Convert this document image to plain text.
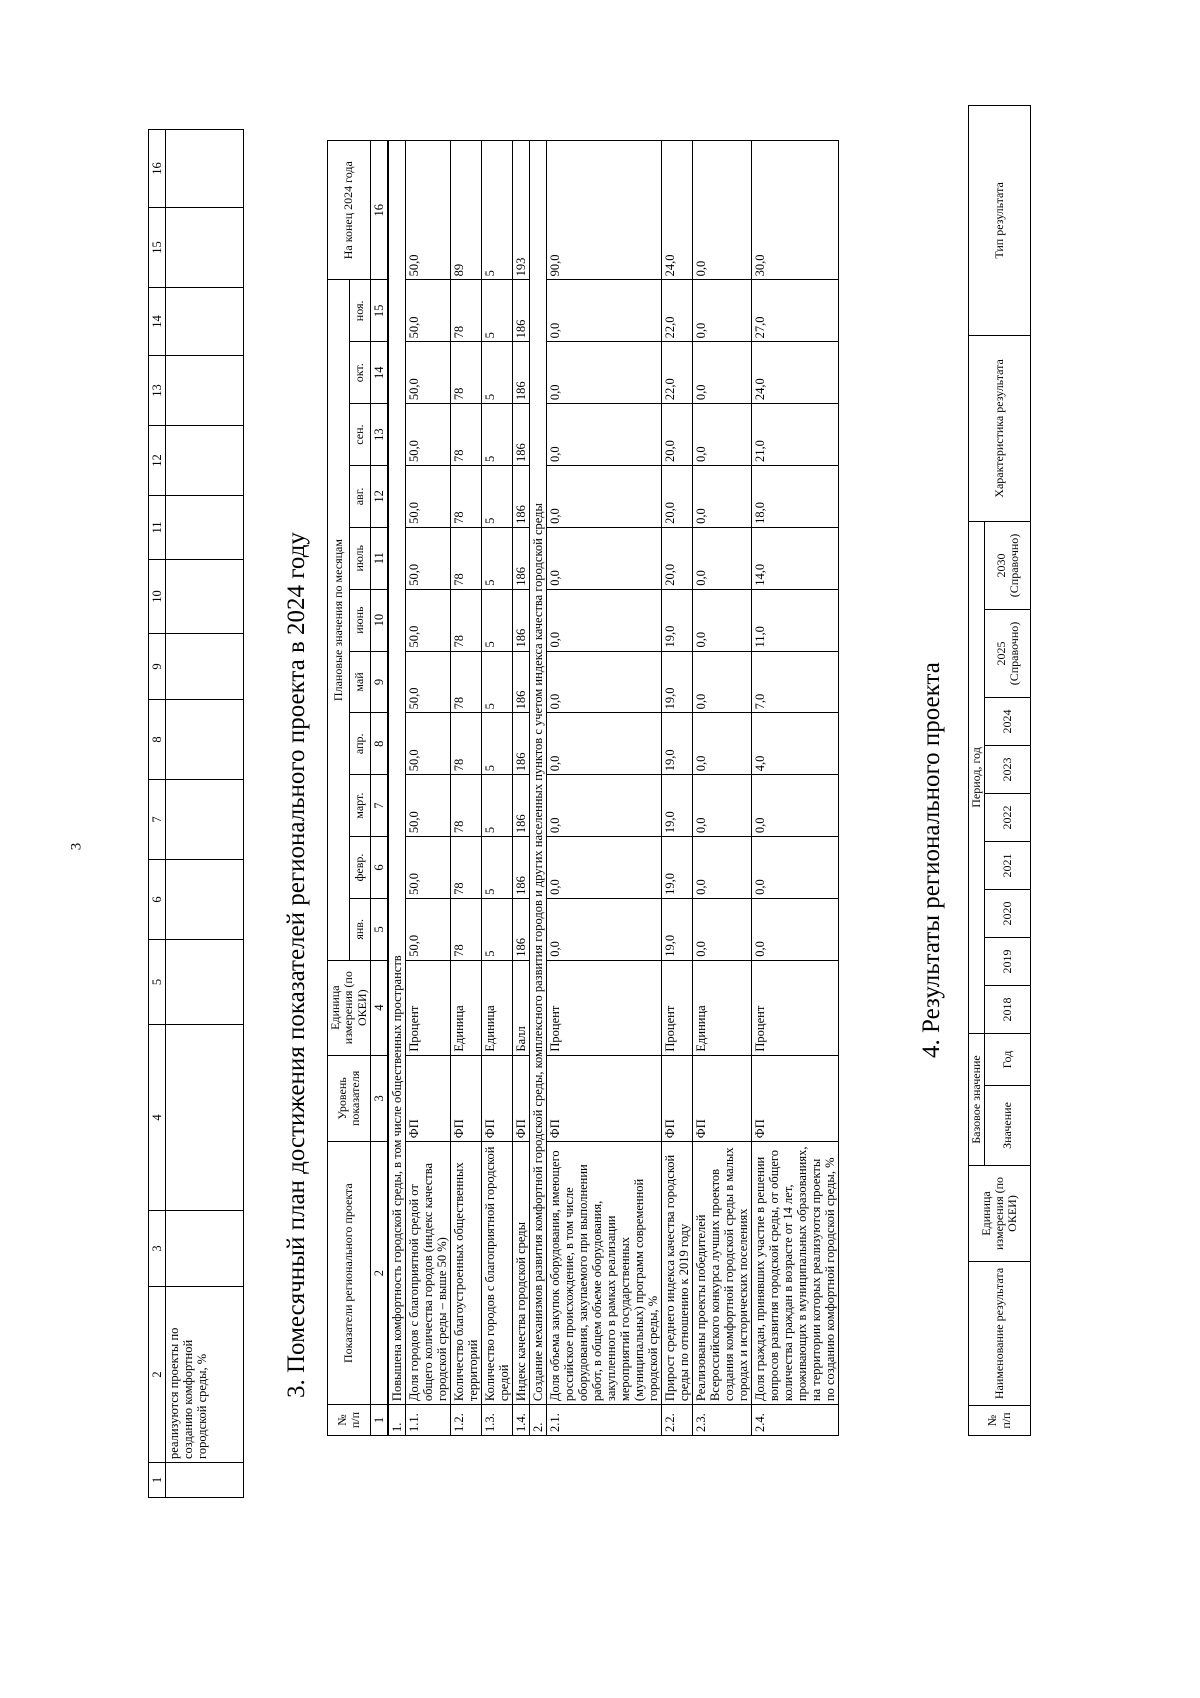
3
1	2	3	4	5	6	7	8	9	10	11	12	13	14	15	16
	реализуются проекты по созданию комфортной городской среды, %														
3. Помесячный план достижения показателей регионального проекта в 2024 году
№ п/п	Показатели регионального проекта	Уровень показателя	Единица измерения (по ОКЕИ)	Плановые значения по месяцам											На конец 2024 года
				янв.	февр.	март.	апр.	май	июнь	июль	авг.	сен.	окт.	ноя.	
1	2	3	4	5	6	7	8	9	10	11	12	13	14	15	16
1.	Повышена комфортность городской среды, в том числе общественных пространств														
1.1.	Доля городов с благоприятной средой от общего количества городов (индекс качества городской среды – выше 50 %)	ФП	Процент	50,0	50,0	50,0	50,0	50,0	50,0	50,0	50,0	50,0	50,0	50,0	50,0
1.2.	Количество благоустроенных общественных территорий	ФП	Единица	78	78	78	78	78	78	78	78	78	78	78	89
1.3.	Количество городов с благоприятной городской средой	ФП	Единица	5	5	5	5	5	5	5	5	5	5	5	5
1.4.	Индекс качества городской среды	ФП	Балл	186	186	186	186	186	186	186	186	186	186	186	193
2.	Создание механизмов развития комфортной городской среды, комплексного развития городов и других населенных пунктов с учетом индекса качества городской среды														
2.1.	Доля объема закупок оборудования, имеющего российское происхождение, в том числе оборудования, закупаемого при выполнении работ, в общем объеме оборудования, закупленного в рамках реализации мероприятий государственных (муниципальных) программ современной городской среды, %	ФП	Процент	0,0	0,0	0,0	0,0	0,0	0,0	0,0	0,0	0,0	0,0	0,0	90,0
2.2.	Прирост среднего индекса качества городской среды по отношению к 2019 году	ФП	Процент	19,0	19,0	19,0	19,0	19,0	19,0	20,0	20,0	20,0	22,0	22,0	24,0
2.3.	Реализованы проекты победителей Всероссийского конкурса лучших проектов создания комфортной городской среды в малых городах и исторических поселениях	ФП	Единица	0,0	0,0	0,0	0,0	0,0	0,0	0,0	0,0	0,0	0,0	0,0	0,0
2.4.	Доля граждан, принявших участие в решении вопросов развития городской среды, от общего количества граждан в возрасте от 14 лет, проживающих в муниципальных образованиях, на территории которых реализуются проекты по созданию комфортной городской среды, %	ФП	Процент	0,0	0,0	0,0	4,0	7,0	11,0	14,0	18,0	21,0	24,0	27,0	30,0
4. Результаты регионального проекта
№ п/п	Наименование результата	Единица измерения (по ОКЕИ)	Базовое значение		Период, год									Характеристика результата	Тип результата
			Значение	Год	2018	2019	2020	2021	2022	2023	2024	2025 (Справочно)	2030 (Справочно)		
